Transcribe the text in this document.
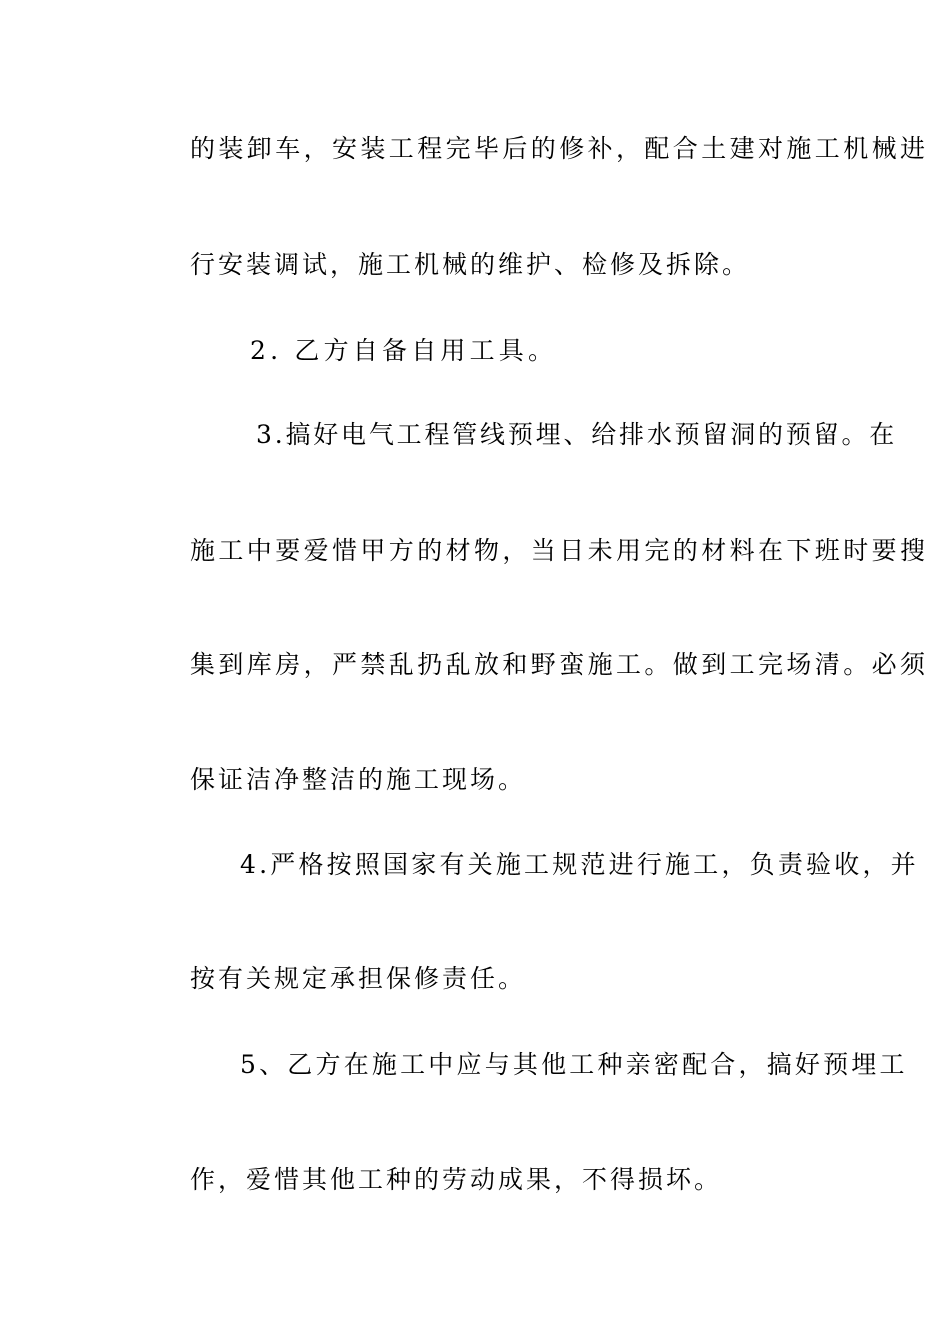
的装卸车，安装工程完毕后的修补，配合土建对施工机械进
行安装调试，施工机械的维护、检修及拆除。
2. 乙方自备自用工具。
3.搞好电气工程管线预埋、给排水预留洞的预留。在
施工中要爱惜甲方的材物，当日未用完的材料在下班时要搜
集到库房，严禁乱扔乱放和野蛮施工。做到工完场清。必须
保证洁净整洁的施工现场。
4.严格按照国家有关施工规范进行施工，负责验收，并
按有关规定承担保修责任。
5、乙方在施工中应与其他工种亲密配合，搞好预埋工
作，爱惜其他工种的劳动成果，不得损坏。
